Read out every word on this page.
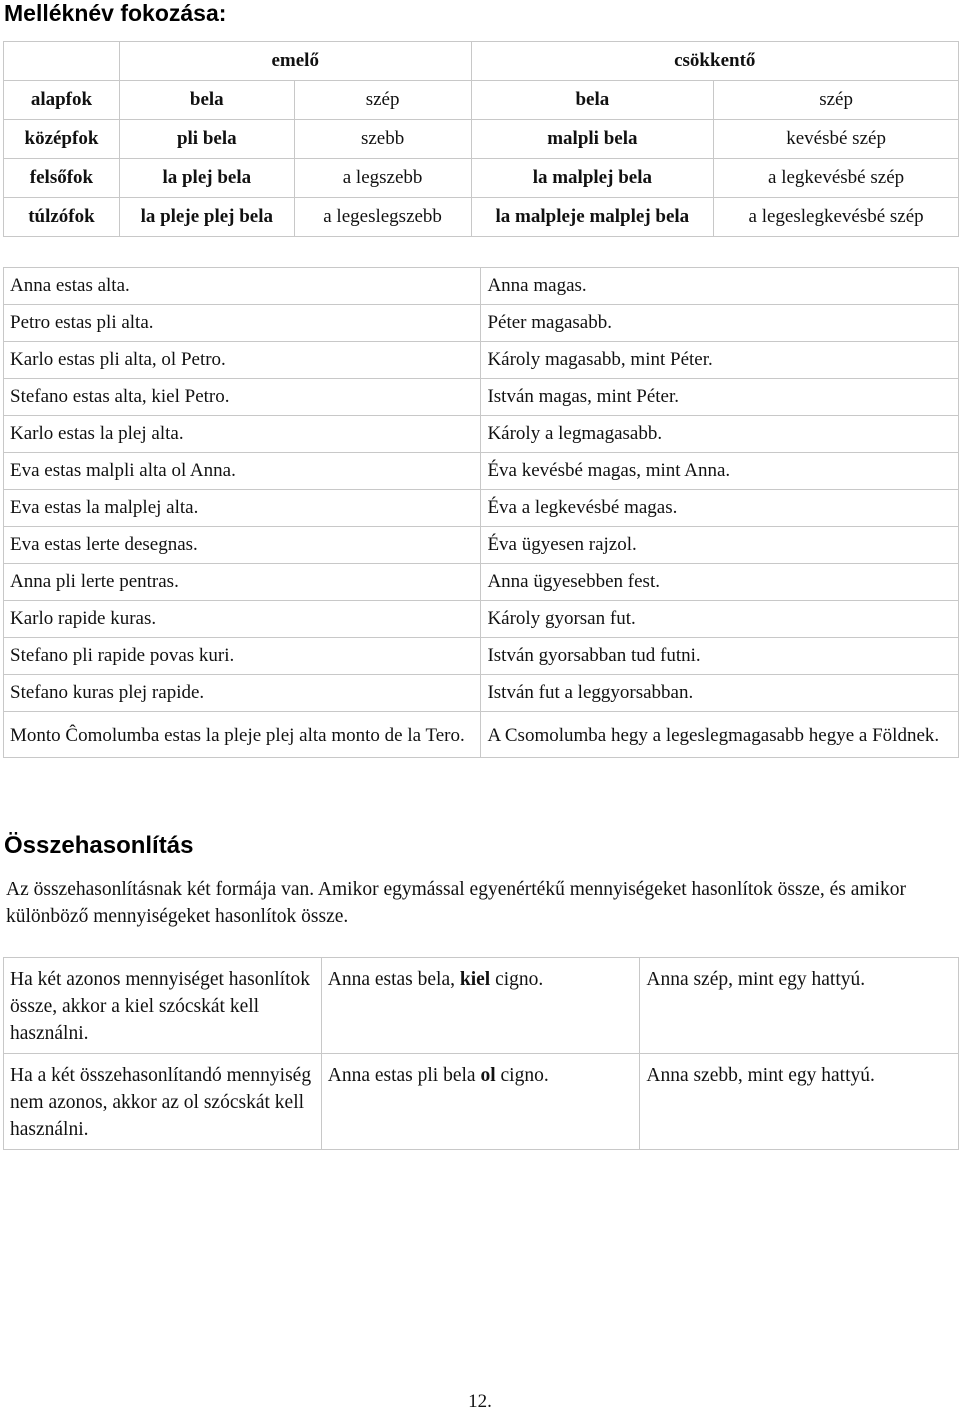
Melléknév fokozása:
	emelő		csökkentő	
alapfok	bela	szép	bela	szép
középfok	pli bela	szebb	malpli bela	kevésbé szép
felsőfok	la plej bela	a legszebb	la malplej bela	a legkevésbé szép
túlzófok	la pleje plej bela	a legeslegszebb	la malpleje malplej bela	a legeslegkevésbé szép
Anna estas alta.	Anna magas.
Petro estas pli alta.	Péter magasabb.
Karlo estas pli alta, ol Petro.	Károly magasabb, mint Péter.
Stefano estas alta, kiel Petro.	István magas, mint Péter.
Karlo estas la plej alta.	Károly a legmagasabb.
Eva estas malpli alta ol Anna.	Éva kevésbé magas, mint Anna.
Eva estas la malplej alta.	Éva a legkevésbé magas.
Eva estas lerte desegnas.	Éva ügyesen rajzol.
Anna pli lerte pentras.	Anna ügyesebben fest.
Karlo rapide kuras.	Károly gyorsan fut.
Stefano pli rapide povas kuri.	István gyorsabban tud futni.
Stefano kuras plej rapide.	István fut a leggyorsabban.
Monto Ĉomolumba estas la pleje plej alta monto de la Tero.	A Csomolumba hegy a legeslegmagasabb hegye a Földnek.
Összehasonlítás

Az összehasonlításnak két formája van. Amikor egymással egyenértékű mennyiségeket hasonlítok össze, és amikor különböző mennyiségeket hasonlítok össze.

Ha két azonos mennyiséget hasonlítok össze, akkor a kiel szócskát kell használni.	Anna estas bela, kiel cigno.	Anna szép, mint egy hattyú.
Ha a két összehasonlítandó mennyiség nem azonos, akkor az ol szócskát kell használni.	Anna estas pli bela ol cigno.	Anna szebb, mint egy hattyú.
12.
